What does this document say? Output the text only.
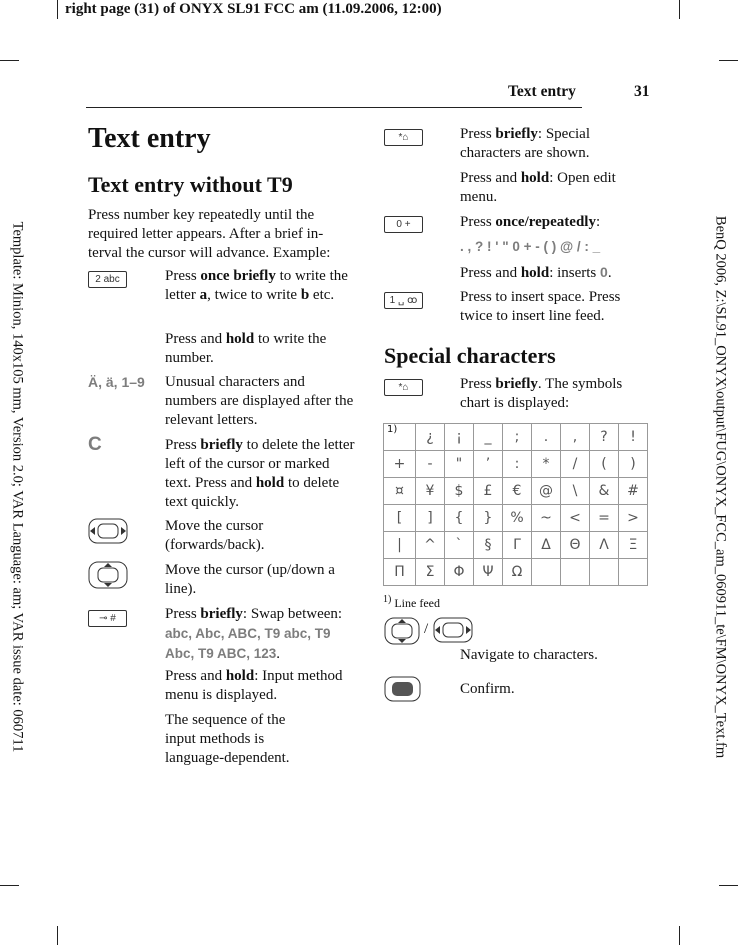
right page (31) of ONYX SL91 FCC am (11.09.2006, 12:00)
Template: Minion, 140x105 mm, Version 2.0; VAR Language: am; VAR issue date: 060711	BenQ 2006, Z:\SL91_ONYX\output\FUG\ONYX_FCC_am_060911_te\FM\ONYX_Text.fm
Text entry	31
Text entry
Text entry without T9
Press number key repeatedly until the required letter appears. After a brief in-terval the cursor will advance. Example:
2 abc	Press once briefly to write the letter a, twice to write b etc.
Press and hold to write the number.
Ä, ä, 1–9 Unusual characters and numbers are displayed after the relevant letters.
C	Press briefly to delete the letter left of the cursor or marked text. Press and hold to delete text quickly.
Move the cursor (forwards/back).
Move the cursor (up/down a line).
⊸ #	Press briefly: Swap between: abc, Abc, ABC, T9 abc, T9 Abc, T9 ABC, 123.
Press and hold: Input method menu is displayed.
The sequence of the input methods is language-dependent.
*⌂	Press briefly: Special characters are shown.
Press and hold: Open edit menu.
0 +	Press once/repeatedly:
. , ? ! ' " 0 + - ( ) @ / : _
Press and hold: inserts 0.
1 ␣ ꝏ	Press to insert space. Press twice to insert line feed.
Special characters
*⌂	Press briefly. The symbols chart is displayed:
1)	¿	¡	_	;	.	,	?	!
+	-	"	’	:	*	/	(	)
¤	¥	$	£	€	@	\	&	#
[	]	{	}	%	~	<	=	>
|	^	`	§	Γ	Δ	Θ	Λ	Ξ
Π	Σ	Φ	Ψ	Ω				
$^{1)}$ Line feed
/
Navigate to characters.
Confirm.
